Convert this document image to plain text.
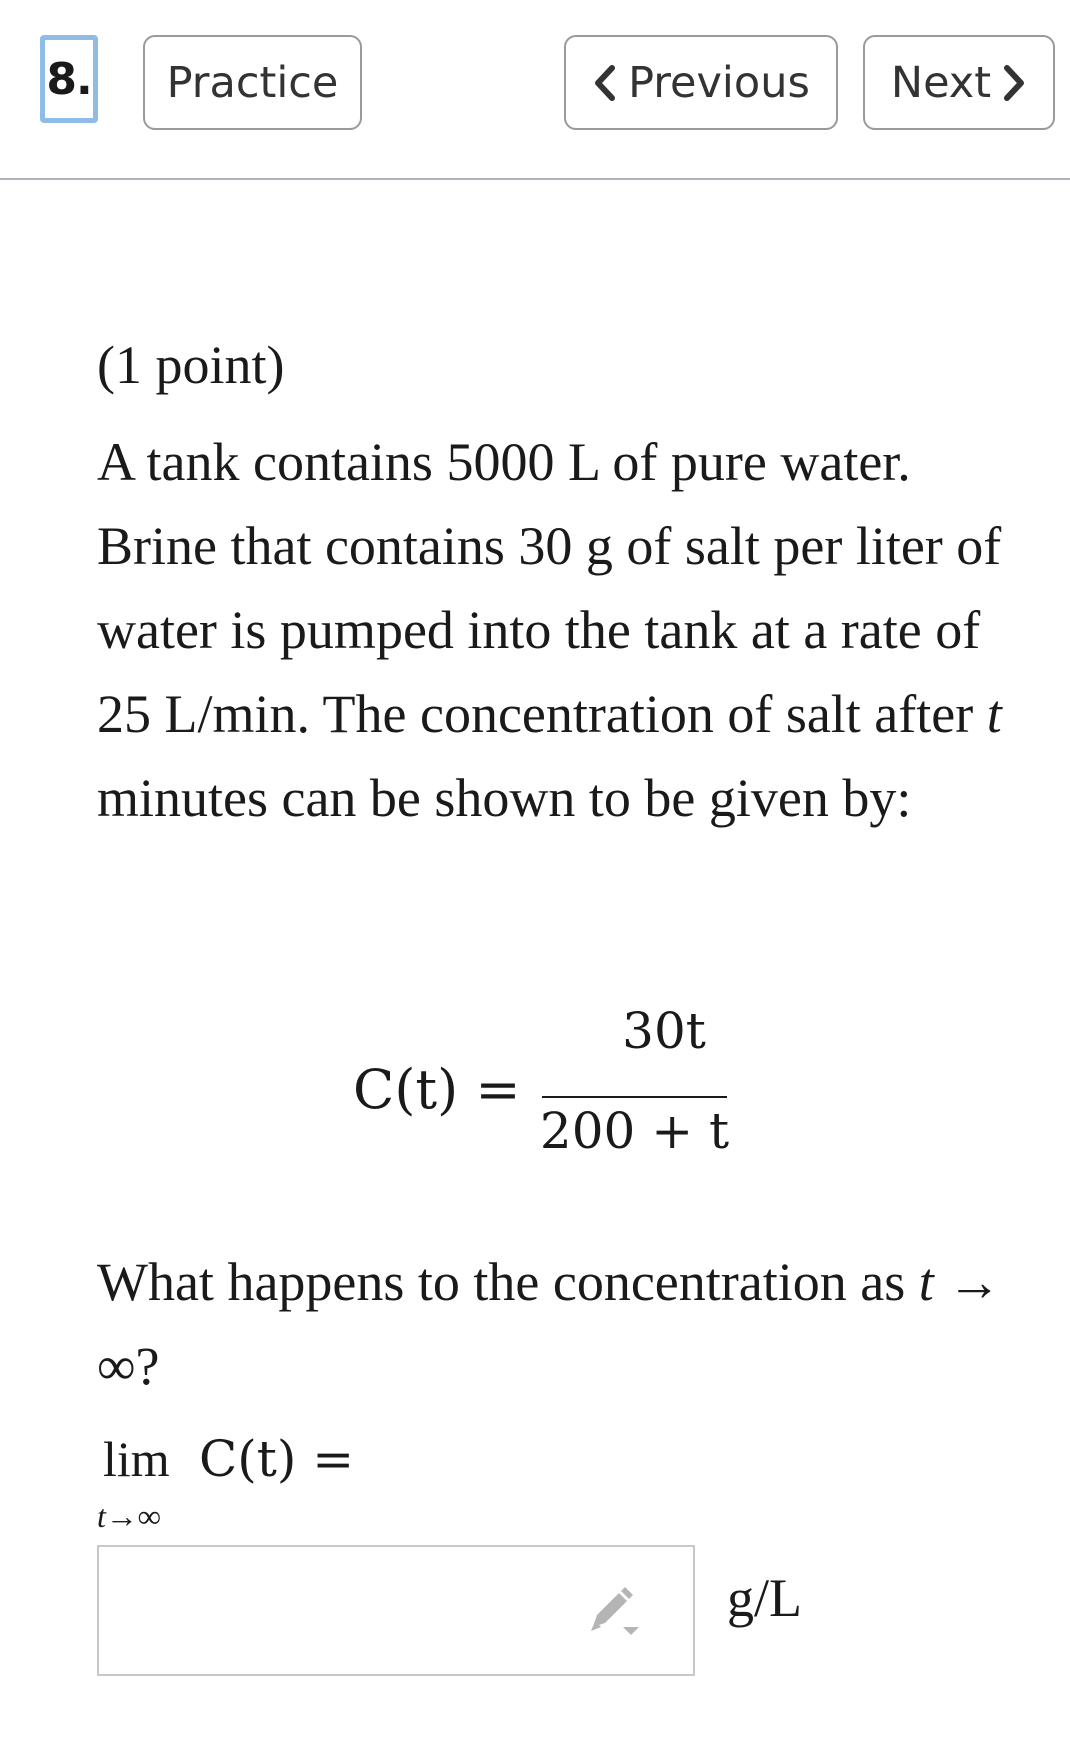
8. Practice	Previous Next
(1 point)

A tank contains 5000 L of pure water. Brine that contains 30 g of salt per liter of water is pumped into the tank at a rate of 25 L/min. The concentration of salt after t minutes can be shown to be given by:

C(t) =
30t
200 + t
What happens to the concentration as t → ∞?
lim
t→∞
C(t) =
g/L
